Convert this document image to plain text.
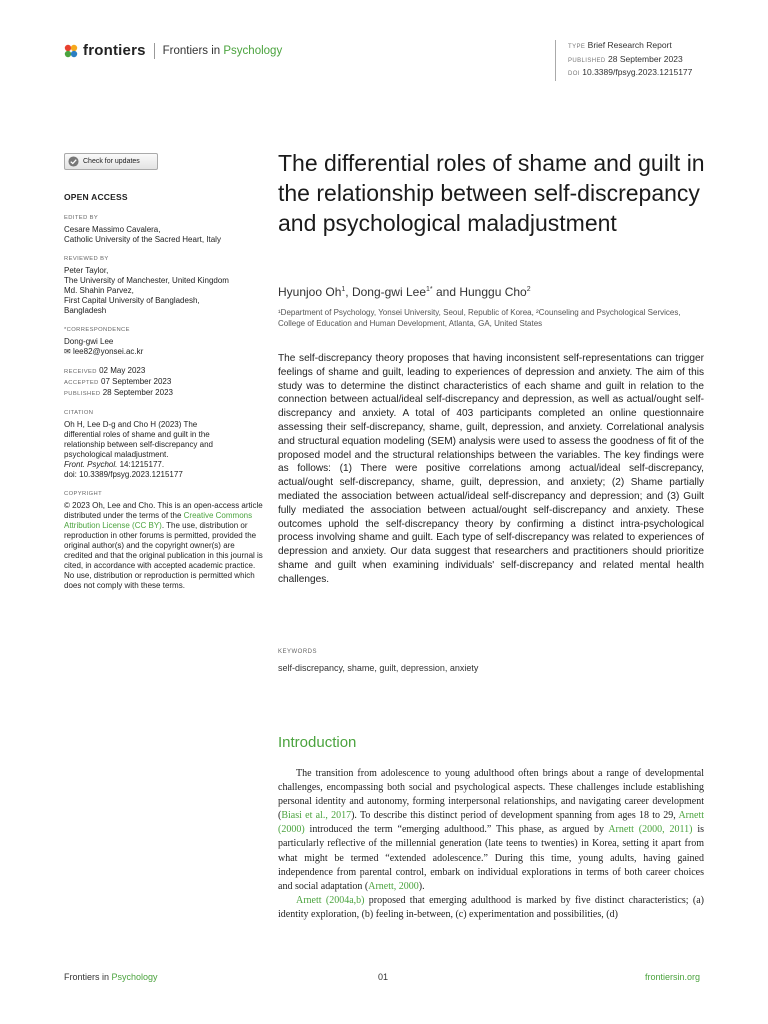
frontiers Frontiers in Psychology	TYPE Brief Research Report
PUBLISHED 28 September 2023
DOI 10.3389/fpsyg.2023.1215177
Check for updates
OPEN ACCESS
EDITED BY
Cesare Massimo Cavalera,
Catholic University of the Sacred Heart, Italy
REVIEWED BY
Peter Taylor,
The University of Manchester, United Kingdom
Md. Shahin Parvez,
First Capital University of Bangladesh,
Bangladesh
*CORRESPONDENCE
Dong-gwi Lee
✉ lee82@yonsei.ac.kr
RECEIVED 02 May 2023
ACCEPTED 07 September 2023
PUBLISHED 28 September 2023
CITATION
Oh H, Lee D-g and Cho H (2023) The
differential roles of shame and guilt in the
relationship between self-discrepancy and
psychological maladjustment.
Front. Psychol. 14:1215177.
doi: 10.3389/fpsyg.2023.1215177
COPYRIGHT
© 2023 Oh, Lee and Cho. This is an open-access article distributed under the terms of the Creative Commons Attribution License (CC BY). The use, distribution or reproduction in other forums is permitted, provided the original author(s) and the copyright owner(s) are credited and that the original publication in this journal is cited, in accordance with accepted academic practice. No use, distribution or reproduction is permitted which does not comply with these terms.
The differential roles of shame and guilt in the relationship between self-discrepancy and psychological maladjustment
Hyunjoo Oh$^1$, Dong-gwi Lee$^{1*}$ and Hunggu Cho$^2$
¹Department of Psychology, Yonsei University, Seoul, Republic of Korea, ²Counseling and Psychological Services, College of Education and Human Development, Atlanta, GA, United States
The self-discrepancy theory proposes that having inconsistent self-representations can trigger feelings of shame and guilt, leading to experiences of depression and anxiety. The aim of this study was to determine the distinct characteristics of each shame and guilt in relation to the connection between actual/ideal self-discrepancy and depression, as well as actual/ought self-discrepancy and anxiety. A total of 403 participants completed an online questionnaire assessing their self-discrepancy, shame, guilt, depression, and anxiety. Correlational analysis and structural equation modeling (SEM) analysis were used to assess the goodness of fit of the proposed model and the structural relationships between the variables. The key findings were as follows: (1) There were positive correlations among actual/ideal self-discrepancy, actual/ought self-discrepancy, shame, guilt, depression, and anxiety; (2) Shame partially mediated the association between actual/ideal self-discrepancy and depression; and (3) Guilt fully mediated the association between actual/ought self-discrepancy and anxiety. These outcomes uphold the self-discrepancy theory by confirming a distinct intra-psychological process involving shame and guilt. Each type of self-discrepancy was related to experiences of depression and anxiety. Our data suggest that researchers and practitioners should prioritize shame and guilt when examining individuals' self-discrepancy and related mental health challenges.
KEYWORDS
self-discrepancy, shame, guilt, depression, anxiety
Introduction

The transition from adolescence to young adulthood often brings about a range of developmental challenges, encompassing both social and psychological aspects. These challenges include establishing personal identity and autonomy, forming interpersonal relationships, and navigating career development (Biasi et al., 2017). To describe this distinct period of development spanning from ages 18 to 29, Arnett (2000) introduced the term “emerging adulthood.” This phase, as argued by Arnett (2000, 2011) is particularly reflective of the millennial generation (late teens to twenties) in Korea, setting it apart from what might be termed “extended adolescence.” During this time, young adults, having gained independence from parental control, embark on individual explorations in terms of both career choices and social adaptation (Arnett, 2000).

Arnett (2004a,b) proposed that emerging adulthood is marked by five distinct characteristics; (a) identity exploration, (b) feeling in-between, (c) experimentation and possibilities, (d)

Frontiers in Psychology	01	frontiersin.org
